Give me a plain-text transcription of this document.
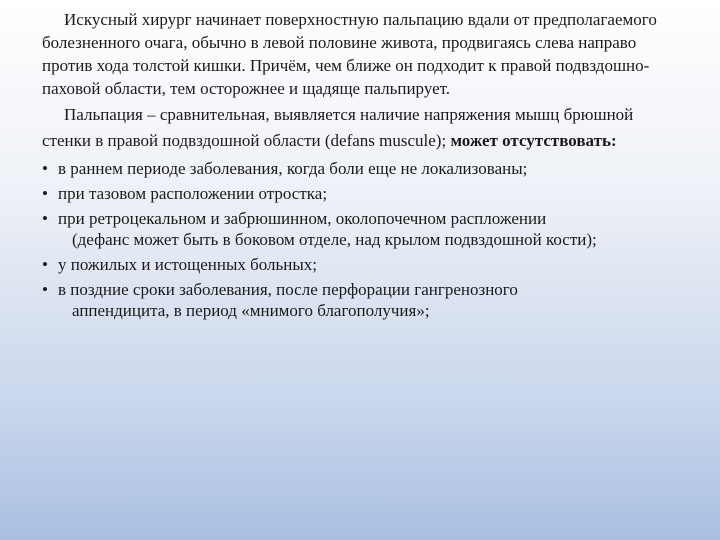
Искусный хирург начинает поверхностную пальпацию вдали от предполагаемого болезненного очага, обычно в левой половине живота, продвигаясь слева направо против хода толстой кишки. Причём, чем ближе он подходит к правой подвздошно-паховой области, тем осторожнее и щадяще пальпирует.

Пальпация – сравнительная, выявляется наличие напряжения мышц брюшной стенки в правой подвздошной области (defans muscule); может отсутствовать:

• в раннем периоде заболевания, когда боли еще не локализованы;
• при тазовом расположении отростка;
• при ретроцекальном и забрюшинном, околопочечном распложении
(дефанс может быть в боковом отделе, над крылом подвздошной кости);
• у пожилых и истощенных больных;
• в поздние сроки заболевания, после перфорации гангренозного
аппендицита, в период «мнимого благополучия»;
